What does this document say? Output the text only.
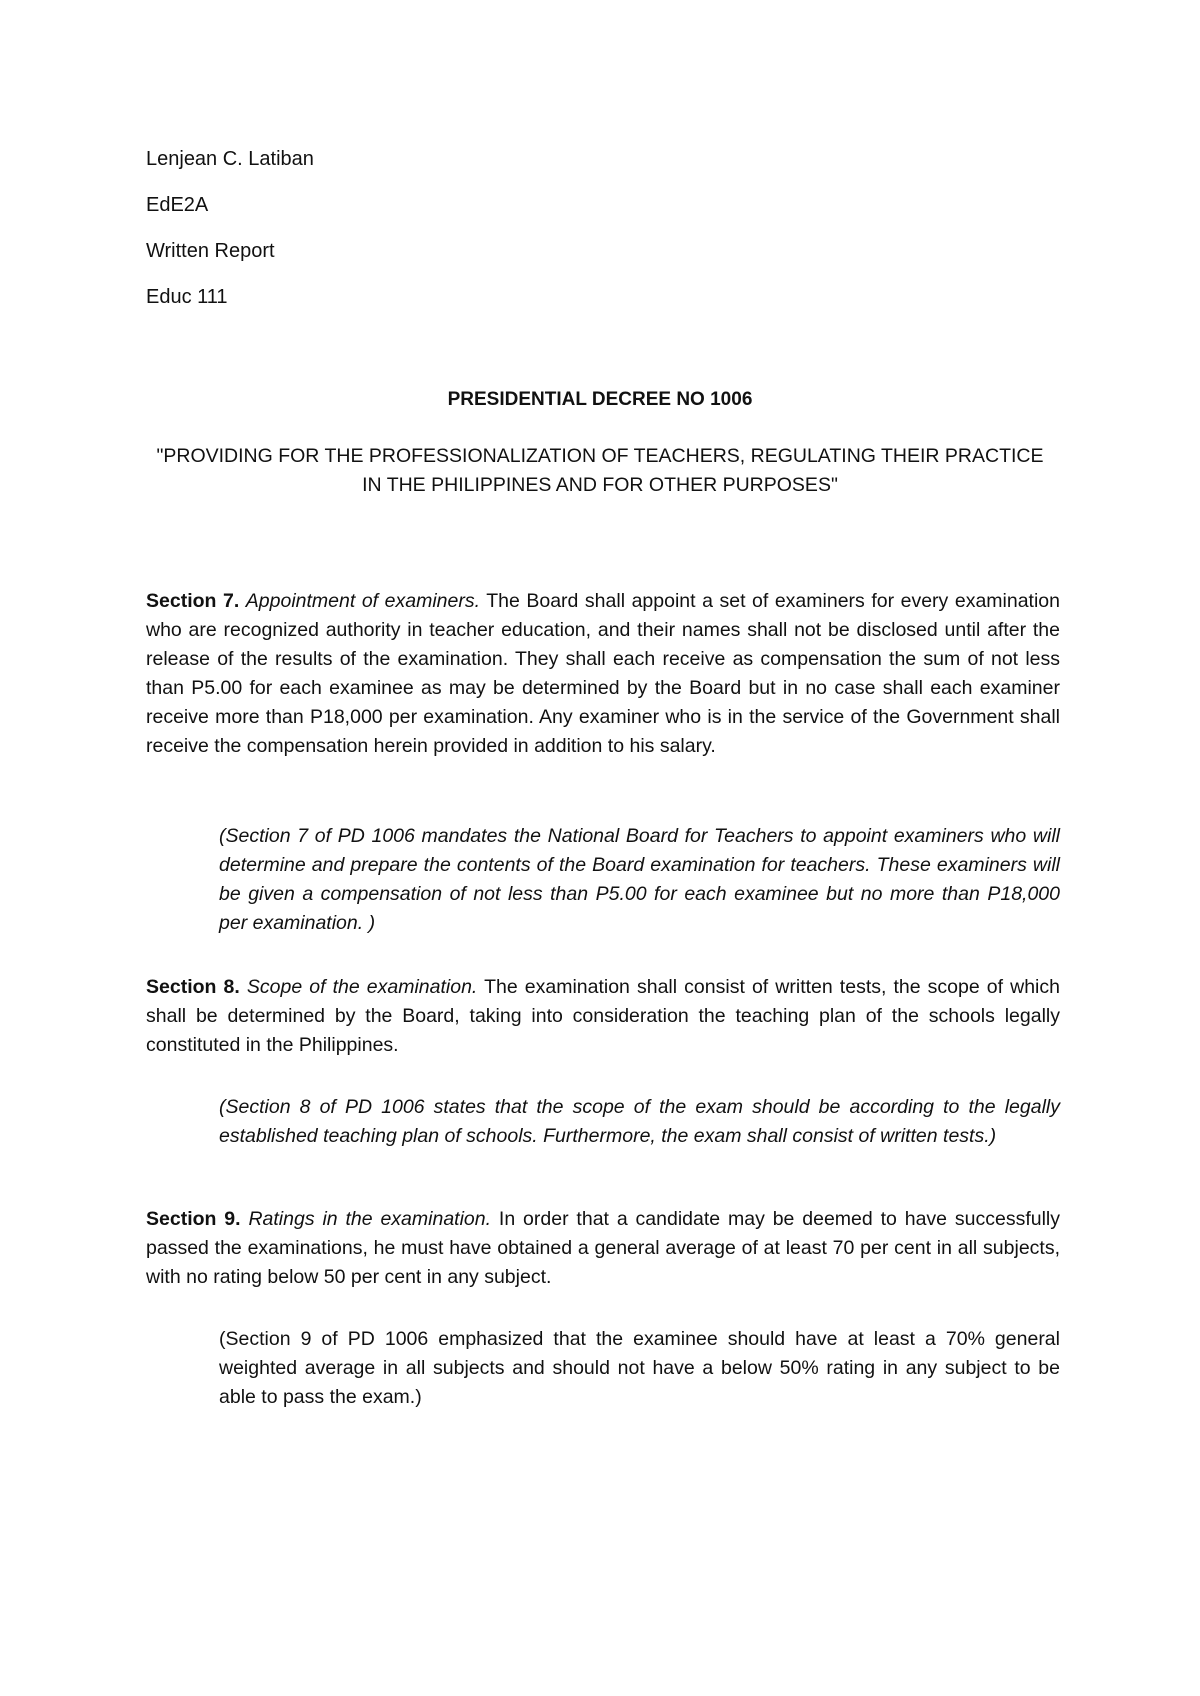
Lenjean C. Latiban

EdE2A

Written Report

Educ 111

PRESIDENTIAL DECREE NO 1006

"PROVIDING FOR THE PROFESSIONALIZATION OF TEACHERS, REGULATING THEIR PRACTICE IN THE PHILIPPINES AND FOR OTHER PURPOSES"

Section 7. Appointment of examiners. The Board shall appoint a set of examiners for every examination who are recognized authority in teacher education, and their names shall not be disclosed until after the release of the results of the examination. They shall each receive as compensation the sum of not less than P5.00 for each examinee as may be determined by the Board but in no case shall each examiner receive more than P18,000 per examination. Any examiner who is in the service of the Government shall receive the compensation herein provided in addition to his salary.

(Section 7 of PD 1006 mandates the National Board for Teachers to appoint examiners who will determine and prepare the contents of the Board examination for teachers. These examiners will be given a compensation of not less than P5.00 for each examinee but no more than P18,000 per examination. )

Section 8. Scope of the examination. The examination shall consist of written tests, the scope of which shall be determined by the Board, taking into consideration the teaching plan of the schools legally constituted in the Philippines.

(Section 8 of PD 1006 states that the scope of the exam should be according to the legally established teaching plan of schools. Furthermore, the exam shall consist of written tests.)

Section 9. Ratings in the examination. In order that a candidate may be deemed to have successfully passed the examinations, he must have obtained a general average of at least 70 per cent in all subjects, with no rating below 50 per cent in any subject.

(Section 9 of PD 1006 emphasized that the examinee should have at least a 70% general weighted average in all subjects and should not have a below 50% rating in any subject to be able to pass the exam.)
